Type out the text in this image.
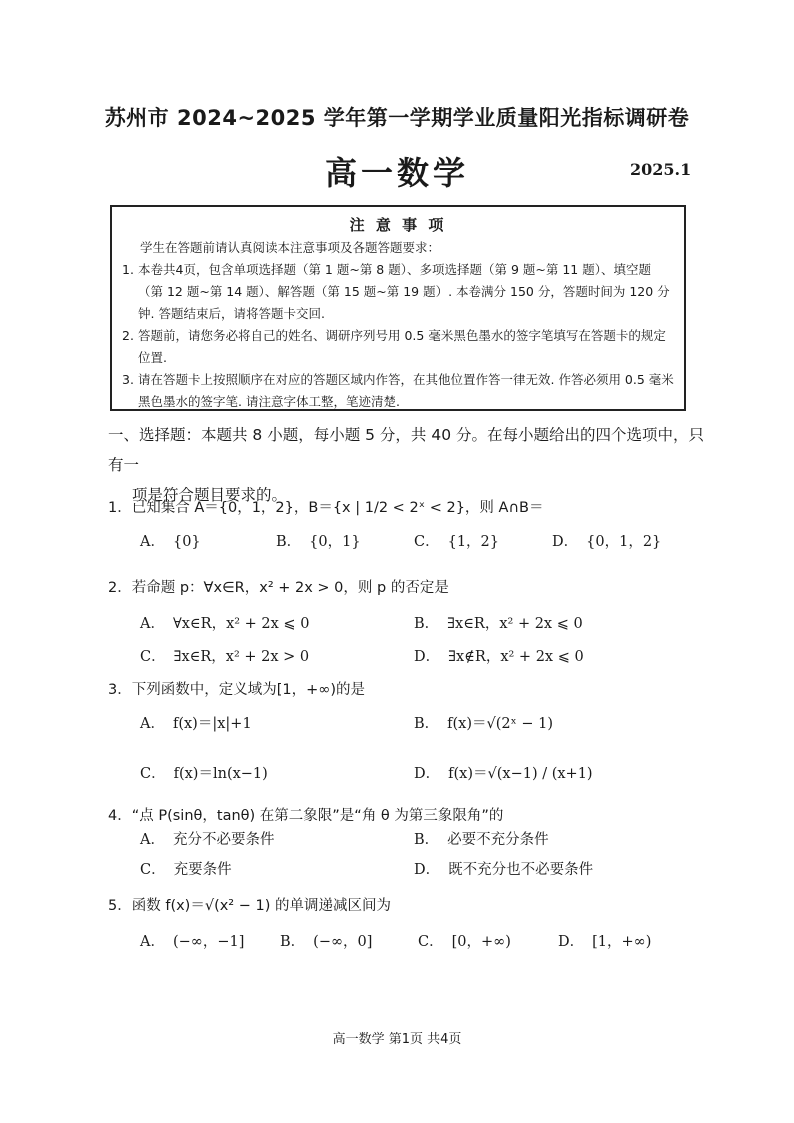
苏州市 2024~2025 学年第一学期学业质量阳光指标调研卷
高一数学	2025.1
注 意 事 项
学生在答题前请认真阅读本注意事项及各题答题要求：
1. 本卷共4页，包含单项选择题（第 1 题~第 8 题）、多项选择题（第 9 题~第 11 题）、填空题（第 12 题~第 14 题）、解答题（第 15 题~第 19 题）. 本卷满分 150 分，答题时间为 120 分钟. 答题结束后，请将答题卡交回.
2. 答题前，请您务必将自己的姓名、调研序列号用 0.5 毫米黑色墨水的签字笔填写在答题卡的规定位置.
3. 请在答题卡上按照顺序在对应的答题区域内作答，在其他位置作答一律无效. 作答必须用 0.5 毫米黑色墨水的签字笔. 请注意字体工整，笔迹清楚.
一、选择题：本题共 8 小题，每小题 5 分，共 40 分。在每小题给出的四个选项中，只有一
项是符合题目要求的。
1．已知集合 A＝{0，1，2}，B＝{x | 1/2 < 2ˣ < 2}，则 A∩B＝
A． {0}	B． {0，1}	C． {1，2}	D． {0，1，2}
2．若命题 p：∀x∈R，x² + 2x > 0，则 p 的否定是
A． ∀x∈R，x² + 2x ⩽ 0	B． ∃x∈R，x² + 2x ⩽ 0
C． ∃x∈R，x² + 2x > 0	D． ∃x∉R，x² + 2x ⩽ 0
3．下列函数中，定义域为[1，+∞)的是
A． f(x)＝|x|+1	B． f(x)＝√(2ˣ − 1)
C． f(x)＝ln(x−1)	D． f(x)＝√(x−1) / (x+1)
4．“点 P(sinθ，tanθ) 在第二象限”是“角 θ 为第三象限角”的
A． 充分不必要条件	B． 必要不充分条件
C． 充要条件	D． 既不充分也不必要条件
5．函数 f(x)＝√(x² − 1) 的单调递减区间为
A． (−∞，−1] B． (−∞，0]	C． [0，+∞)	D． [1，+∞)
高一数学 第1页 共4页
